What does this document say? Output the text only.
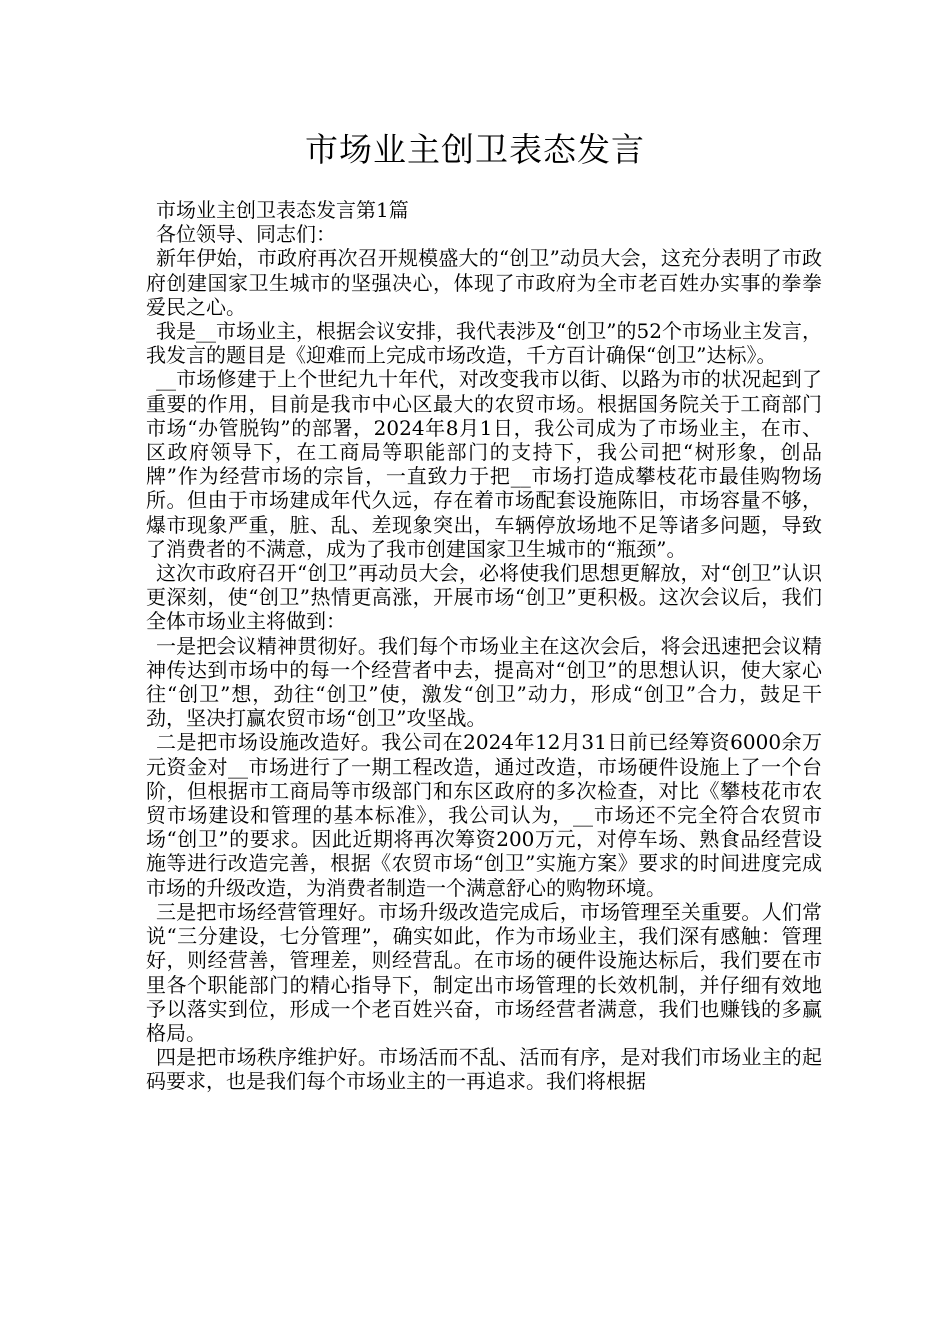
市场业主创卫表态发言

市场业主创卫表态发言第1篇

各位领导、同志们：

新年伊始，市政府再次召开规模盛大的“创卫”动员大会，这充分表明了市政府创建国家卫生城市的坚强决心，体现了市政府为全市老百姓办实事的拳拳爱民之心。

我是__市场业主，根据会议安排，我代表涉及“创卫”的52个市场业主发言，我发言的题目是《迎难而上完成市场改造，千方百计确保“创卫”达标》。

__市场修建于上个世纪九十年代，对改变我市以街、以路为市的状况起到了重要的作用，目前是我市中心区最大的农贸市场。根据国务院关于工商部门市场“办管脱钩”的部署，2024年8月1日，我公司成为了市场业主，在市、区政府领导下，在工商局等职能部门的支持下，我公司把“树形象，创品牌”作为经营市场的宗旨，一直致力于把__市场打造成攀枝花市最佳购物场所。但由于市场建成年代久远，存在着市场配套设施陈旧，市场容量不够，爆市现象严重，脏、乱、差现象突出，车辆停放场地不足等诸多问题，导致了消费者的不满意，成为了我市创建国家卫生城市的“瓶颈”。

这次市政府召开“创卫”再动员大会，必将使我们思想更解放，对“创卫”认识更深刻，使“创卫”热情更高涨，开展市场“创卫”更积极。这次会议后，我们全体市场业主将做到：

一是把会议精神贯彻好。我们每个市场业主在这次会后，将会迅速把会议精神传达到市场中的每一个经营者中去，提高对“创卫”的思想认识，使大家心往“创卫”想，劲往“创卫”使，激发“创卫”动力，形成“创卫”合力，鼓足干劲，坚决打赢农贸市场“创卫”攻坚战。

二是把市场设施改造好。我公司在2024年12月31日前已经筹资6000余万元资金对__市场进行了一期工程改造，通过改造，市场硬件设施上了一个台阶，但根据市工商局等市级部门和东区政府的多次检查，对比《攀枝花市农贸市场建设和管理的基本标准》，我公司认为，__市场还不完全符合农贸市场“创卫”的要求。因此近期将再次筹资200万元，对停车场、熟食品经营设施等进行改造完善，根据《农贸市场“创卫”实施方案》要求的时间进度完成市场的升级改造，为消费者制造一个满意舒心的购物环境。

三是把市场经营管理好。市场升级改造完成后，市场管理至关重要。人们常说“三分建设，七分管理”，确实如此，作为市场业主，我们深有感触：管理好，则经营善，管理差，则经营乱。在市场的硬件设施达标后，我们要在市里各个职能部门的精心指导下，制定出市场管理的长效机制，并仔细有效地予以落实到位，形成一个老百姓兴奋，市场经营者满意，我们也赚钱的多赢格局。

四是把市场秩序维护好。市场活而不乱、活而有序，是对我们市场业主的起码要求，也是我们每个市场业主的一再追求。我们将根据
